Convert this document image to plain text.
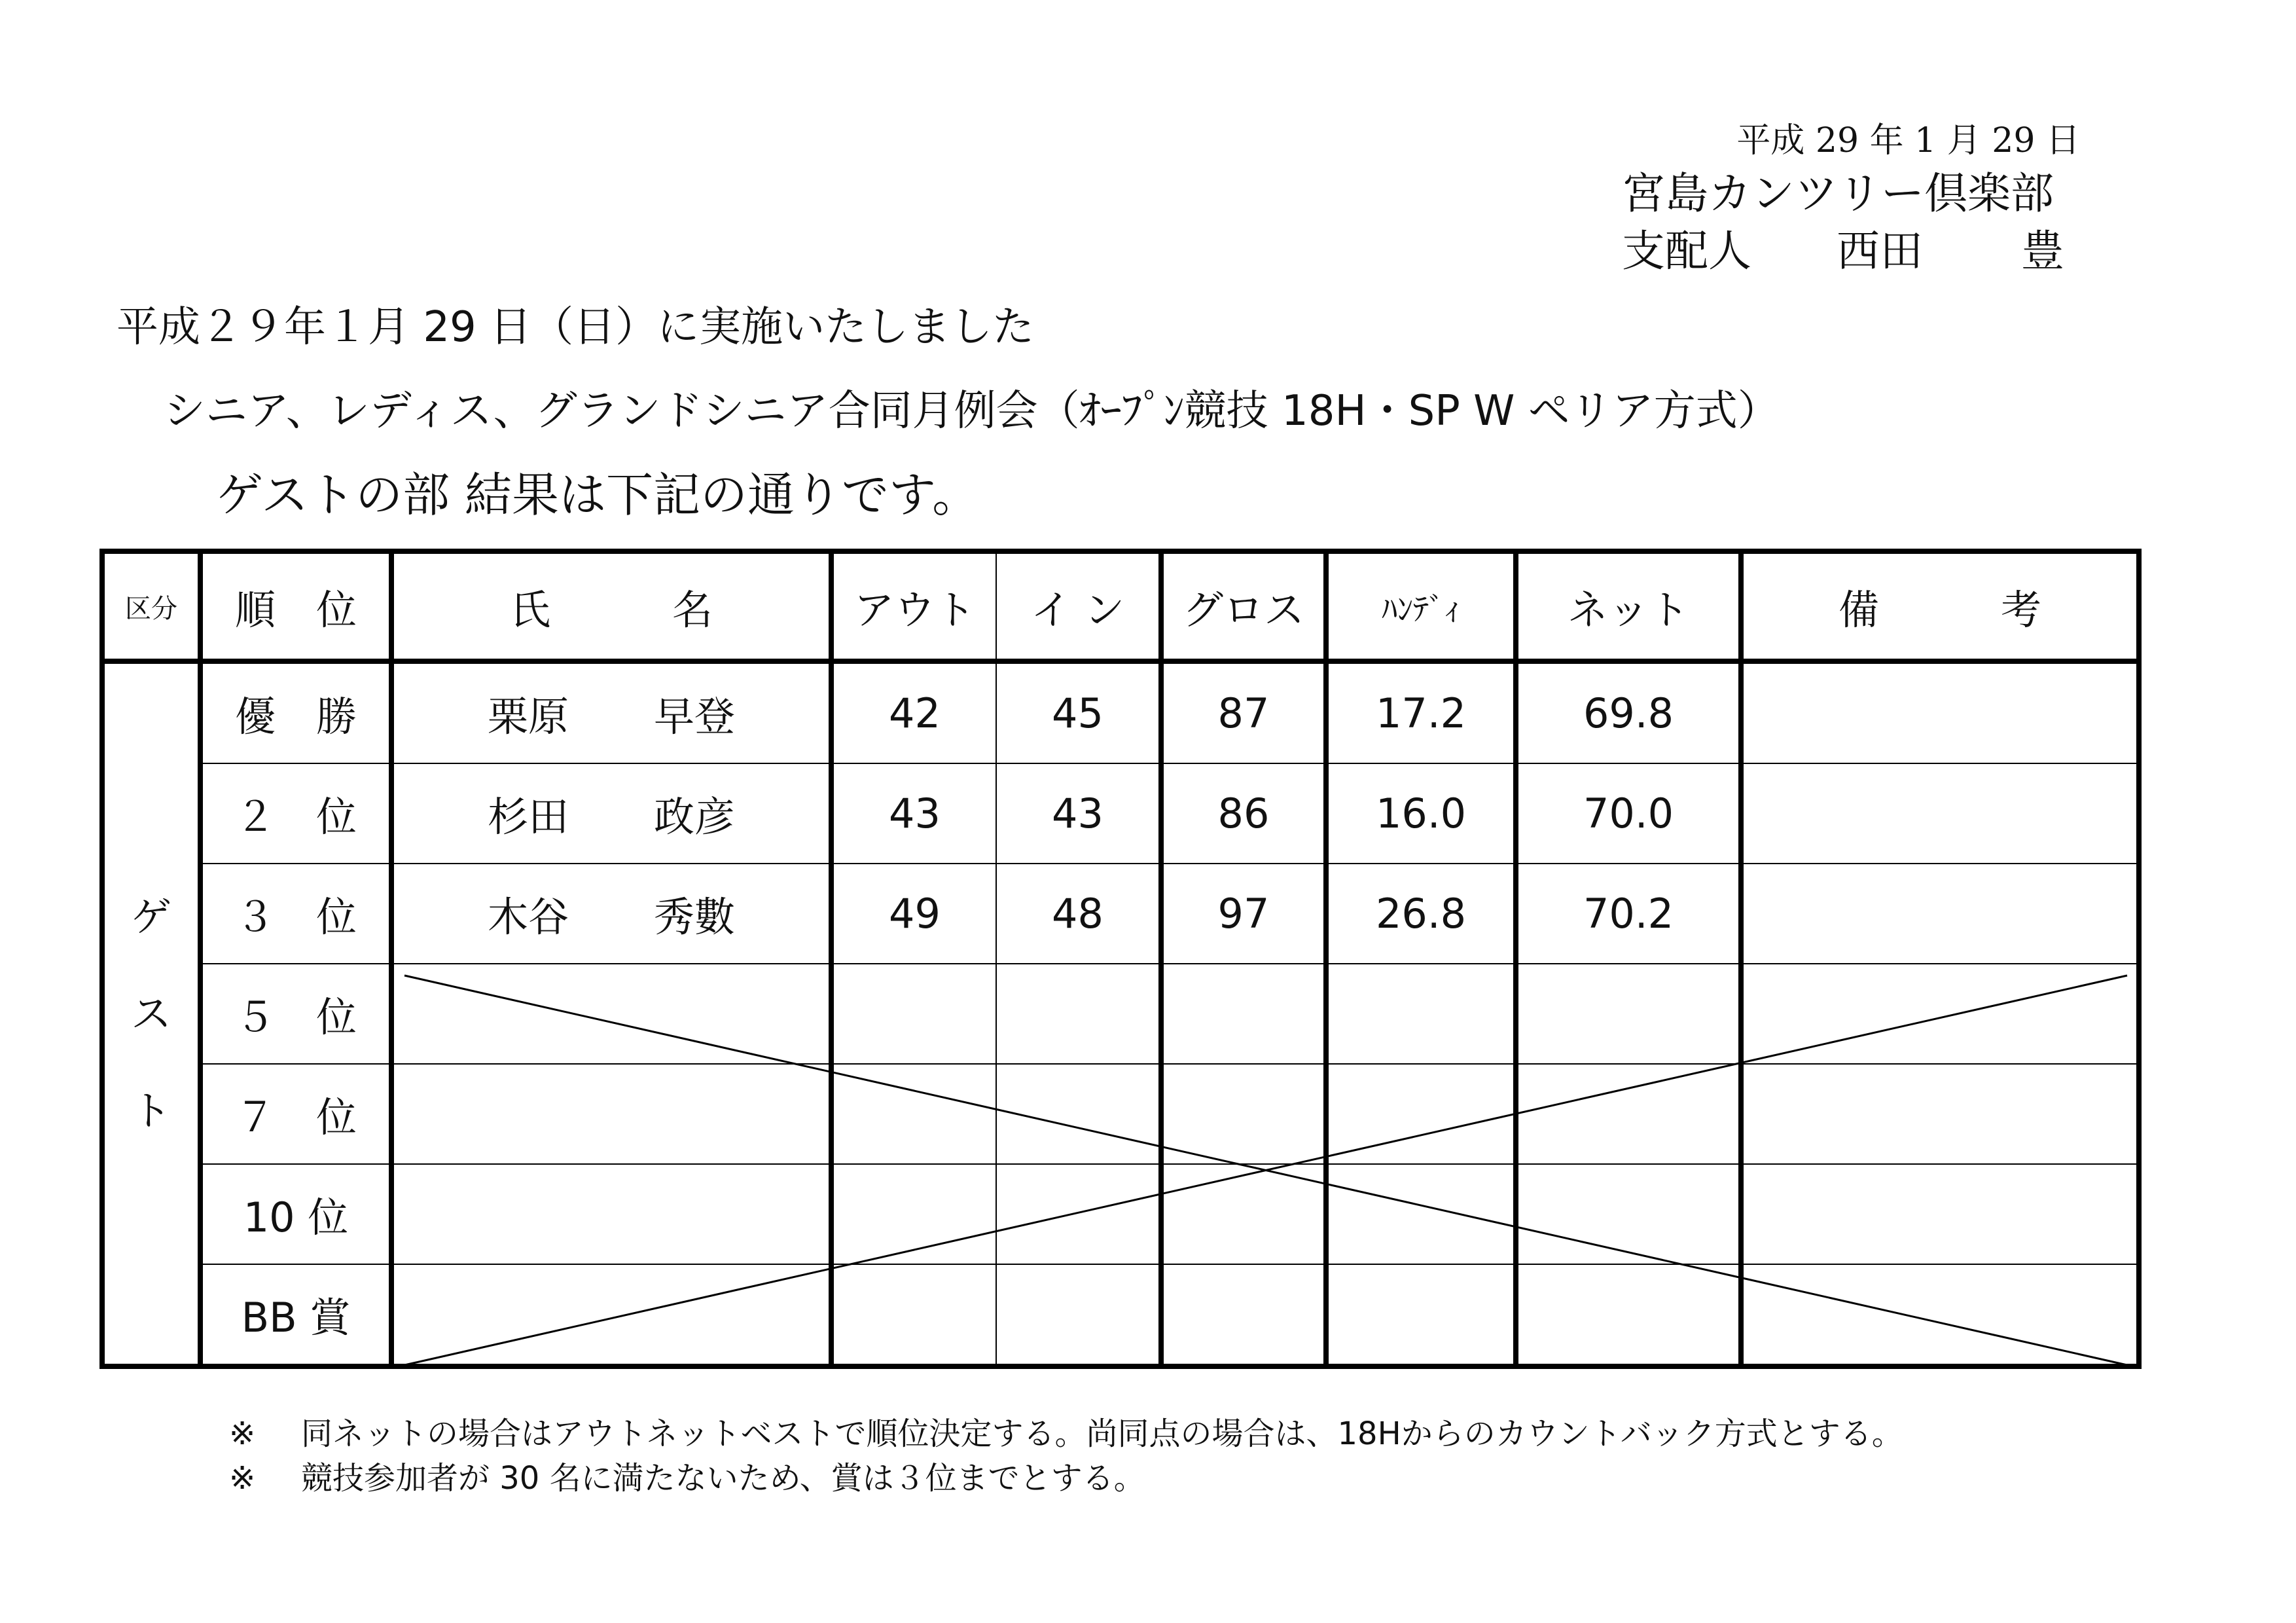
平成 29 年 1 月 29 日
宮島カンツリー倶楽部
支配人 西田 豊
平成２９年１月 29 日（日）に実施いたしました
シニア、レディス、グランドシニア合同月例会（ｵｰﾌﾟﾝ競技 18H・SP W ペリア方式）
ゲストの部 結果は下記の通りです。
区分	順　位	氏　　　名	アウト	イ ン	グロス	ﾊﾝﾃﾞｨ	ネット	備　　　考

ゲ
ス
ト	優　勝	栗原 早登	42	45	87	17.2	69.8	
	２　位	杉田 政彦	43	43	86	16.0	70.0	
	３　位	木谷 秀數	49	48	97	26.8	70.2	
	５　位							
	７　位							
	10 位							
	BB 賞							
※ 同ネットの場合はアウトネットベストで順位決定する。尚同点の場合は、18Hからのカウントバック方式とする。
※ 競技参加者が 30 名に満たないため、賞は３位までとする。
